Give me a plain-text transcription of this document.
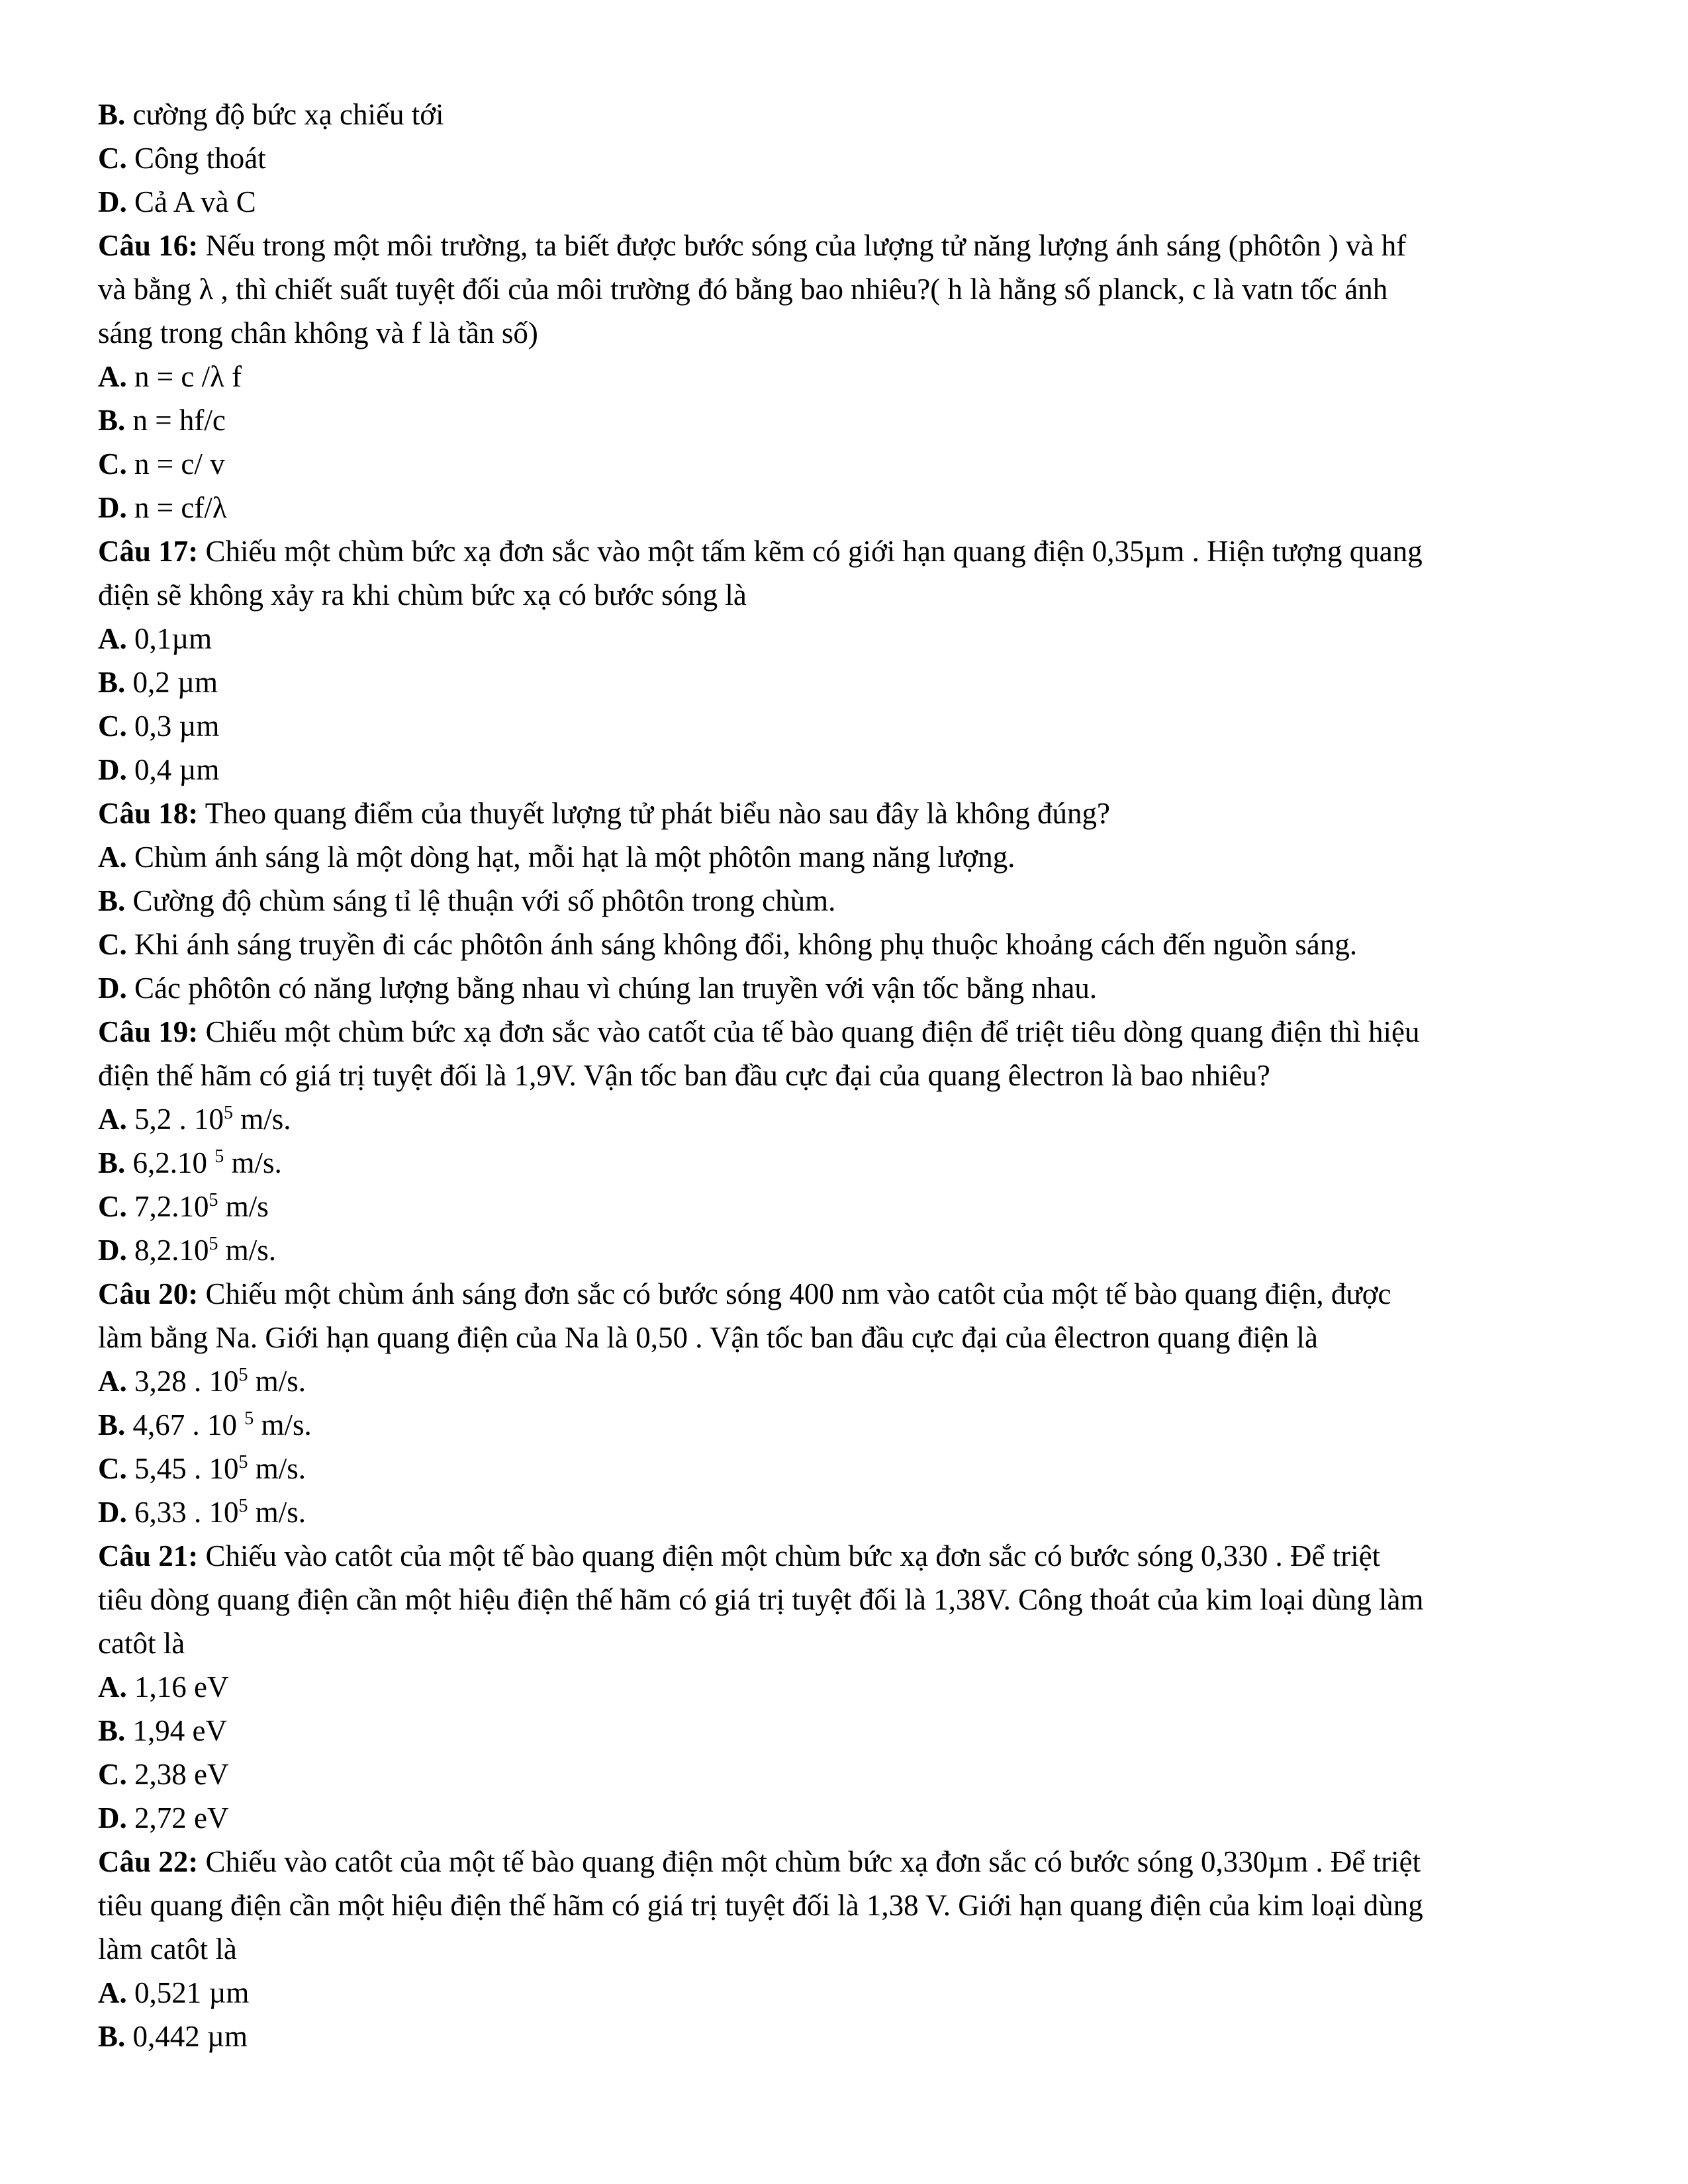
B. cường độ bức xạ chiếu tới

C. Công thoát

D. Cả A và C

Câu 16: Nếu trong một môi trường, ta biết được bước sóng của lượng tử năng lượng ánh sáng (phôtôn ) và hf

và bằng λ , thì chiết suất tuyệt đối của môi trường đó bằng bao nhiêu?( h là hằng số planck, c là vatn tốc ánh

sáng trong chân không và f là tần số)

A. n = c /λ f

B. n = hf/c

C. n = c/ v

D. n = cf/λ

Câu 17: Chiếu một chùm bức xạ đơn sắc vào một tấm kẽm có giới hạn quang điện 0,35µm . Hiện tượng quang

điện sẽ không xảy ra khi chùm bức xạ có bước sóng là

A. 0,1µm

B. 0,2 µm

C. 0,3 µm

D. 0,4 µm

Câu 18: Theo quang điểm của thuyết lượng tử phát biểu nào sau đây là không đúng?

A. Chùm ánh sáng là một dòng hạt, mỗi hạt là một phôtôn mang năng lượng.

B. Cường độ chùm sáng tỉ lệ thuận với số phôtôn trong chùm.

C. Khi ánh sáng truyền đi các phôtôn ánh sáng không đổi, không phụ thuộc khoảng cách đến nguồn sáng.

D. Các phôtôn có năng lượng bằng nhau vì chúng lan truyền với vận tốc bằng nhau.

Câu 19: Chiếu một chùm bức xạ đơn sắc vào catốt của tế bào quang điện để triệt tiêu dòng quang điện thì hiệu

điện thế hãm có giá trị tuyệt đối là 1,9V. Vận tốc ban đầu cực đại của quang êlectron là bao nhiêu?

A. 5,2 . $10^5$ m/s.

B. 6,2.10 $^5$ m/s.

C. 7,2.10$^5$ m/s

D. 8,2.10$^5$ m/s.

Câu 20: Chiếu một chùm ánh sáng đơn sắc có bước sóng 400 nm vào catôt của một tế bào quang điện, được

làm bằng Na. Giới hạn quang điện của Na là 0,50 . Vận tốc ban đầu cực đại của êlectron quang điện là

A. 3,28 . $10^5$ m/s.

B. 4,67 . 10 $^5$ m/s.

C. 5,45 . $10^5$ m/s.

D. 6,33 . $10^5$ m/s.

Câu 21: Chiếu vào catôt của một tế bào quang điện một chùm bức xạ đơn sắc có bước sóng 0,330 . Để triệt

tiêu dòng quang điện cần một hiệu điện thế hãm có giá trị tuyệt đối là 1,38V. Công thoát của kim loại dùng làm

catôt là

A. 1,16 eV

B. 1,94 eV

C. 2,38 eV

D. 2,72 eV

Câu 22: Chiếu vào catôt của một tế bào quang điện một chùm bức xạ đơn sắc có bước sóng 0,330µm . Để triệt

tiêu quang điện cần một hiệu điện thế hãm có giá trị tuyệt đối là 1,38 V. Giới hạn quang điện của kim loại dùng

làm catôt là

A. 0,521 µm

B. 0,442 µm
